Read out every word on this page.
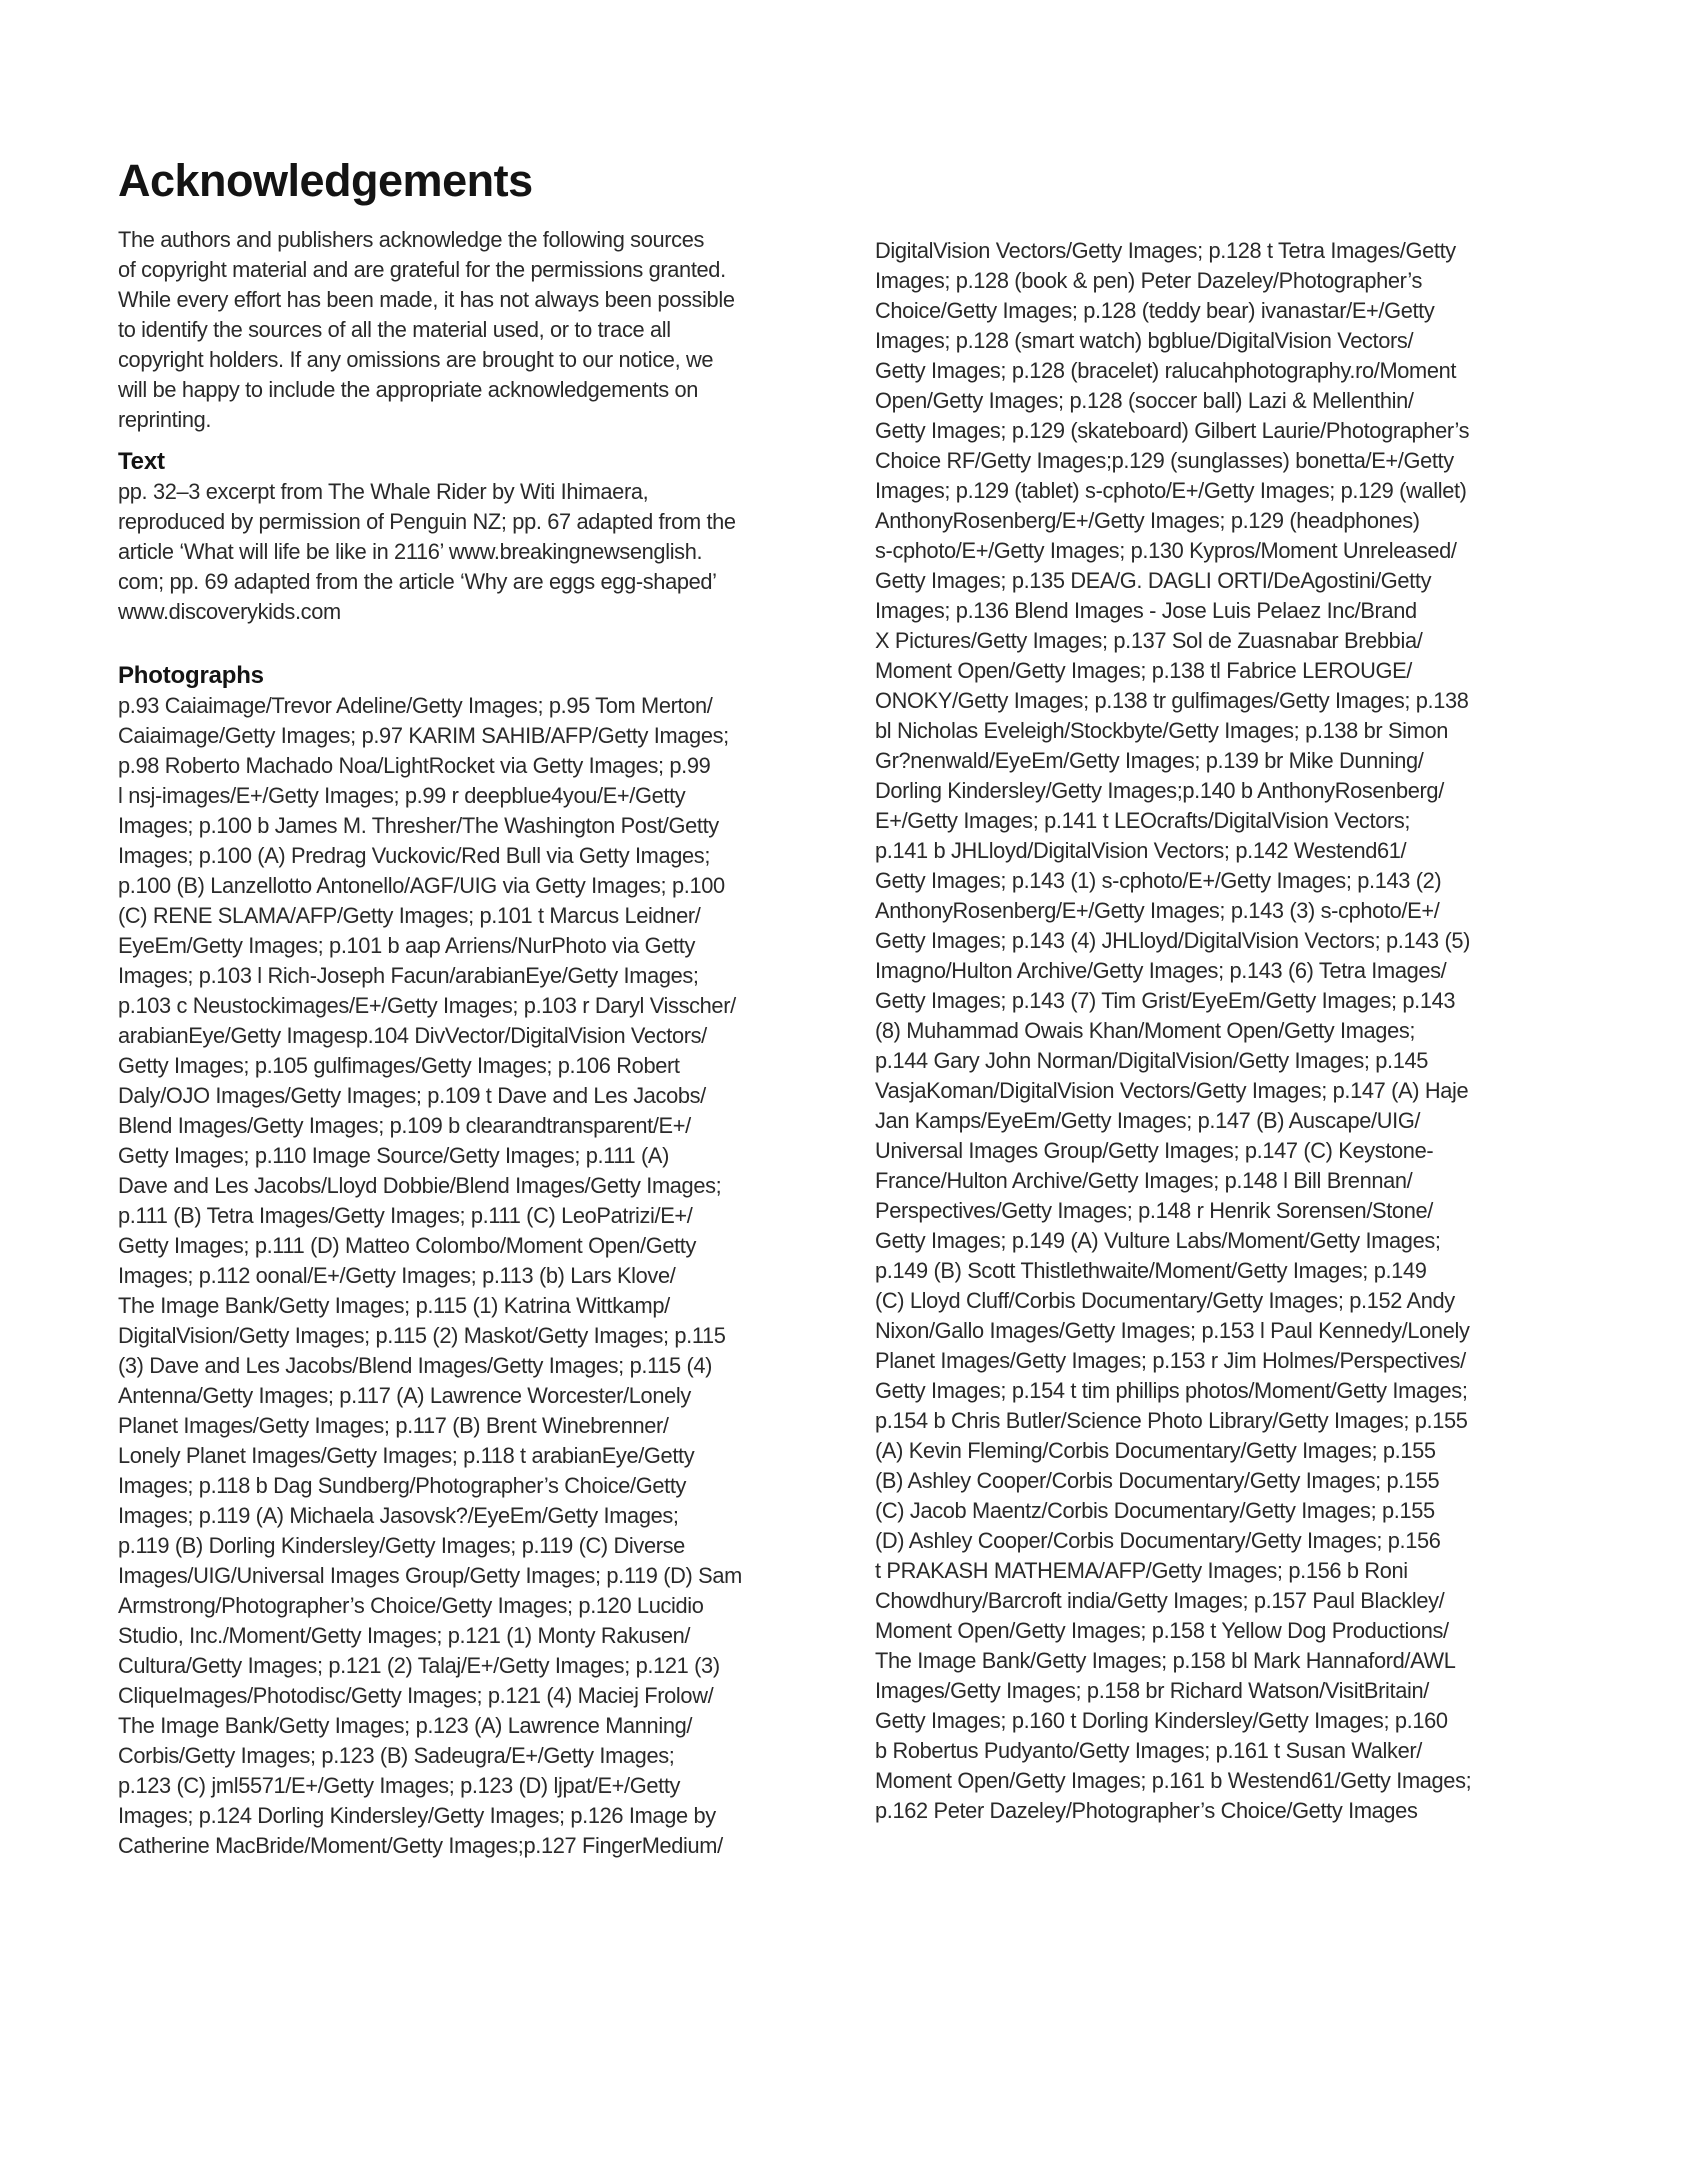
Acknowledgements
The authors and publishers acknowledge the following sources
of copyright material and are grateful for the permissions granted.
While every effort has been made, it has not always been possible
to identify the sources of all the material used, or to trace all
copyright holders. If any omissions are brought to our notice, we
will be happy to include the appropriate acknowledgements on
reprinting.
Text
pp. 32–3 excerpt from The Whale Rider by Witi Ihimaera,
reproduced by permission of Penguin NZ; pp. 67 adapted from the
article ‘What will life be like in 2116’ www.breakingnewsenglish.
com; pp. 69 adapted from the article ‘Why are eggs egg-shaped’
www.discoverykids.com
Photographs
p.93 Caiaimage/Trevor Adeline/Getty Images; p.95 Tom Merton/
Caiaimage/Getty Images; p.97 KARIM SAHIB/AFP/Getty Images;
p.98 Roberto Machado Noa/LightRocket via Getty Images; p.99
l nsj-images/E+/Getty Images; p.99 r deepblue4you/E+/Getty
Images; p.100 b James M. Thresher/The Washington Post/Getty
Images; p.100 (A) Predrag Vuckovic/Red Bull via Getty Images;
p.100 (B) Lanzellotto Antonello/AGF/UIG via Getty Images; p.100
(C) RENE SLAMA/AFP/Getty Images; p.101 t Marcus Leidner/
EyeEm/Getty Images; p.101 b aap Arriens/NurPhoto via Getty
Images; p.103 l Rich-Joseph Facun/arabianEye/Getty Images;
p.103 c Neustockimages/E+/Getty Images; p.103 r Daryl Visscher/
arabianEye/Getty Imagesp.104 DivVector/DigitalVision Vectors/
Getty Images; p.105 gulfimages/Getty Images; p.106 Robert
Daly/OJO Images/Getty Images; p.109 t Dave and Les Jacobs/
Blend Images/Getty Images; p.109 b clearandtransparent/E+/
Getty Images; p.110 Image Source/Getty Images; p.111 (A)
Dave and Les Jacobs/Lloyd Dobbie/Blend Images/Getty Images;
p.111 (B) Tetra Images/Getty Images; p.111 (C) LeoPatrizi/E+/
Getty Images; p.111 (D) Matteo Colombo/Moment Open/Getty
Images; p.112 oonal/E+/Getty Images; p.113 (b) Lars Klove/
The Image Bank/Getty Images; p.115 (1) Katrina Wittkamp/
DigitalVision/Getty Images; p.115 (2) Maskot/Getty Images; p.115
(3) Dave and Les Jacobs/Blend Images/Getty Images; p.115 (4)
Antenna/Getty Images; p.117 (A) Lawrence Worcester/Lonely
Planet Images/Getty Images; p.117 (B) Brent Winebrenner/
Lonely Planet Images/Getty Images; p.118 t arabianEye/Getty
Images; p.118 b Dag Sundberg/Photographer’s Choice/Getty
Images; p.119 (A) Michaela Jasovsk?/EyeEm/Getty Images;
p.119 (B) Dorling Kindersley/Getty Images; p.119 (C) Diverse
Images/UIG/Universal Images Group/Getty Images; p.119 (D) Sam
Armstrong/Photographer’s Choice/Getty Images; p.120 Lucidio
Studio, Inc./Moment/Getty Images; p.121 (1) Monty Rakusen/
Cultura/Getty Images; p.121 (2) Talaj/E+/Getty Images; p.121 (3)
CliqueImages/Photodisc/Getty Images; p.121 (4) Maciej Frolow/
The Image Bank/Getty Images; p.123 (A) Lawrence Manning/
Corbis/Getty Images; p.123 (B) Sadeugra/E+/Getty Images;
p.123 (C) jml5571/E+/Getty Images; p.123 (D) ljpat/E+/Getty
Images; p.124 Dorling Kindersley/Getty Images; p.126 Image by
Catherine MacBride/Moment/Getty Images;p.127 FingerMedium/
DigitalVision Vectors/Getty Images; p.128 t Tetra Images/Getty
Images; p.128 (book & pen) Peter Dazeley/Photographer’s
Choice/Getty Images; p.128 (teddy bear) ivanastar/E+/Getty
Images; p.128 (smart watch) bgblue/DigitalVision Vectors/
Getty Images; p.128 (bracelet) ralucahphotography.ro/Moment
Open/Getty Images; p.128 (soccer ball) Lazi & Mellenthin/
Getty Images; p.129 (skateboard) Gilbert Laurie/Photographer’s
Choice RF/Getty Images;p.129 (sunglasses) bonetta/E+/Getty
Images; p.129 (tablet) s-cphoto/E+/Getty Images; p.129 (wallet)
AnthonyRosenberg/E+/Getty Images; p.129 (headphones)
s-cphoto/E+/Getty Images; p.130 Kypros/Moment Unreleased/
Getty Images; p.135 DEA/G. DAGLI ORTI/DeAgostini/Getty
Images; p.136 Blend Images - Jose Luis Pelaez Inc/Brand
X Pictures/Getty Images; p.137 Sol de Zuasnabar Brebbia/
Moment Open/Getty Images; p.138 tl Fabrice LEROUGE/
ONOKY/Getty Images; p.138 tr gulfimages/Getty Images; p.138
bl Nicholas Eveleigh/Stockbyte/Getty Images; p.138 br Simon
Gr?nenwald/EyeEm/Getty Images; p.139 br Mike Dunning/
Dorling Kindersley/Getty Images;p.140 b AnthonyRosenberg/
E+/Getty Images; p.141 t LEOcrafts/DigitalVision Vectors;
p.141 b JHLloyd/DigitalVision Vectors; p.142 Westend61/
Getty Images; p.143 (1) s-cphoto/E+/Getty Images; p.143 (2)
AnthonyRosenberg/E+/Getty Images; p.143 (3) s-cphoto/E+/
Getty Images; p.143 (4) JHLloyd/DigitalVision Vectors; p.143 (5)
Imagno/Hulton Archive/Getty Images; p.143 (6) Tetra Images/
Getty Images; p.143 (7) Tim Grist/EyeEm/Getty Images; p.143
(8) Muhammad Owais Khan/Moment Open/Getty Images;
p.144 Gary John Norman/DigitalVision/Getty Images; p.145
VasjaKoman/DigitalVision Vectors/Getty Images; p.147 (A) Haje
Jan Kamps/EyeEm/Getty Images; p.147 (B) Auscape/UIG/
Universal Images Group/Getty Images; p.147 (C) Keystone-
France/Hulton Archive/Getty Images; p.148 l Bill Brennan/
Perspectives/Getty Images; p.148 r Henrik Sorensen/Stone/
Getty Images; p.149 (A) Vulture Labs/Moment/Getty Images;
p.149 (B) Scott Thistlethwaite/Moment/Getty Images; p.149
(C) Lloyd Cluff/Corbis Documentary/Getty Images; p.152 Andy
Nixon/Gallo Images/Getty Images; p.153 l Paul Kennedy/Lonely
Planet Images/Getty Images; p.153 r Jim Holmes/Perspectives/
Getty Images; p.154 t tim phillips photos/Moment/Getty Images;
p.154 b Chris Butler/Science Photo Library/Getty Images; p.155
(A) Kevin Fleming/Corbis Documentary/Getty Images; p.155
(B) Ashley Cooper/Corbis Documentary/Getty Images; p.155
(C) Jacob Maentz/Corbis Documentary/Getty Images; p.155
(D) Ashley Cooper/Corbis Documentary/Getty Images; p.156
t PRAKASH MATHEMA/AFP/Getty Images; p.156 b Roni
Chowdhury/Barcroft india/Getty Images; p.157 Paul Blackley/
Moment Open/Getty Images; p.158 t Yellow Dog Productions/
The Image Bank/Getty Images; p.158 bl Mark Hannaford/AWL
Images/Getty Images; p.158 br Richard Watson/VisitBritain/
Getty Images; p.160 t Dorling Kindersley/Getty Images; p.160
b Robertus Pudyanto/Getty Images; p.161 t Susan Walker/
Moment Open/Getty Images; p.161 b Westend61/Getty Images;
p.162 Peter Dazeley/Photographer’s Choice/Getty Images
